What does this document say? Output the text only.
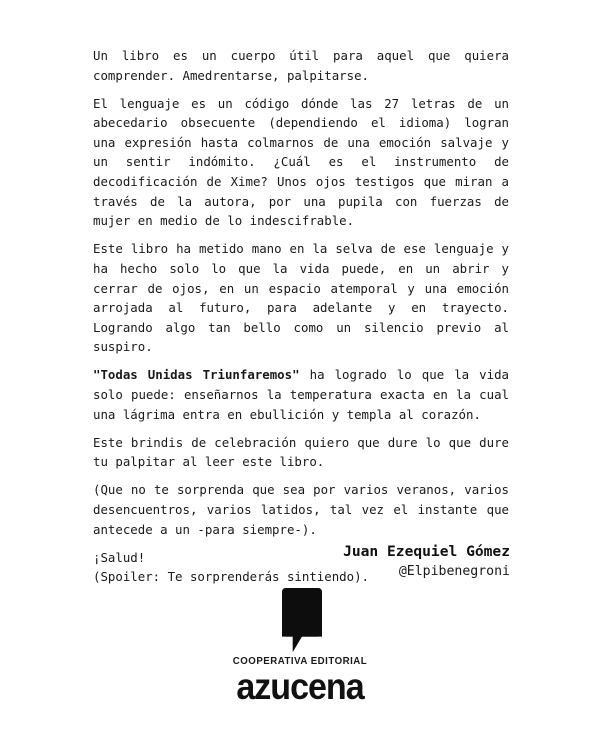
Un libro es un cuerpo útil para aquel que quiera comprender. Amedrentarse, palpitarse.

El lenguaje es un código dónde las 27 letras de un abecedario obsecuente (dependiendo el idioma) logran una expresión hasta colmarnos de una emoción salvaje y un sentir indómito. ¿Cuál es el instrumento de decodificación de Xime? Unos ojos testigos que miran a través de la autora, por una pupila con fuerzas de mujer en medio de lo indescifrable.

Este libro ha metido mano en la selva de ese lenguaje y ha hecho solo lo que la vida puede, en un abrir y cerrar de ojos, en un espacio atemporal y una emoción arrojada al futuro, para adelante y en trayecto. Logrando algo tan bello como un silencio previo al suspiro.

"Todas Unidas Triunfaremos" ha logrado lo que la vida solo puede: enseñarnos la temperatura exacta en la cual una lágrima entra en ebullición y templa al corazón.

Este brindis de celebración quiero que dure lo que dure tu palpitar al leer este libro.

(Que no te sorprenda que sea por varios veranos, varios desencuentros, varios latidos, tal vez el instante que antecede a un -para siempre-).

¡Salud!

(Spoiler: Te sorprenderás sintiendo).

Juan Ezequiel Gómez
@Elpibenegroni
COOPERATIVA EDITORIAL
azucena
